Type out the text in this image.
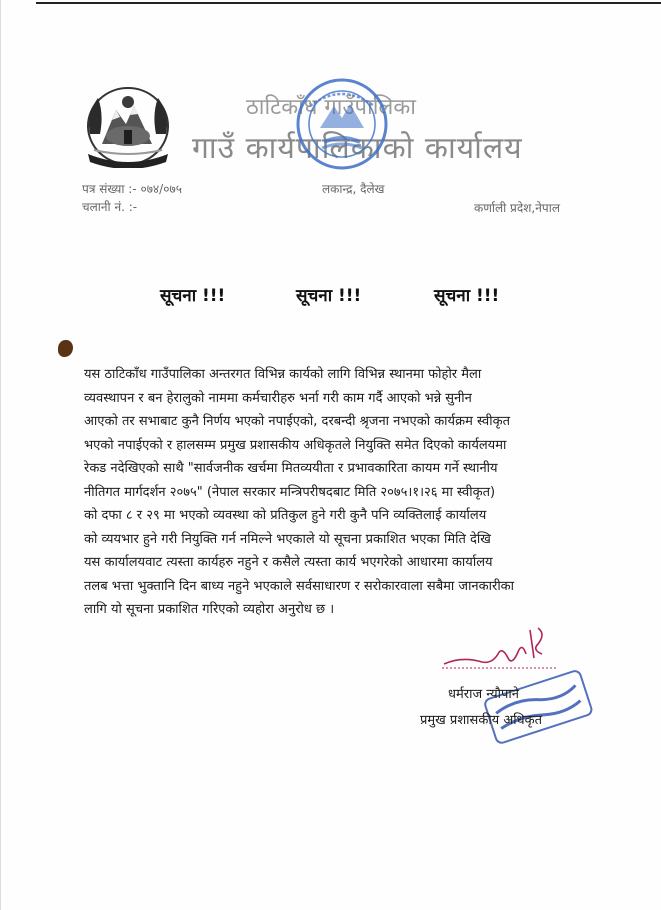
ठाटिकाँध गाउँपालिका
गाउँ कार्यपालिकाको कार्यालय
पत्र संख्या :- ०७४/०७५
चलानी नं. :-
लकान्द्र, दैलेख
कर्णाली प्रदेश,नेपाल
सूचना !!!	सूचना !!!	सूचना !!!
यस ठाटिकाँध गाउँपालिका अन्तरगत विभिन्न कार्यको लागि विभिन्न स्थानमा फोहोर मैला
व्यवस्थापन र बन हेरालुको नाममा कर्मचारीहरु भर्ना गरी काम गर्दै आएको भन्ने सुनीन
आएको तर सभाबाट कुनै निर्णय भएको नपाईएको, दरबन्दी श्रृजना नभएको कार्यक्रम स्वीकृत
भएको नपाईएको र हालसम्म प्रमुख प्रशासकीय अधिकृतले नियुक्ति समेत दिएको कार्यलयमा
रेकड नदेखिएको साथै "सार्वजनीक खर्चमा मितव्ययीता र प्रभावकारिता कायम गर्ने स्थानीय
नीतिगत मार्गदर्शन २०७५" (नेपाल सरकार मन्त्रिपरीषदबाट मिति २०७५।१।२६ मा स्वीकृत)
को दफा ८ र २९ मा भएको व्यवस्था को प्रतिकुल हुने गरी कुनै पनि व्यक्तिलाई कार्यालय
को व्ययभार हुने गरी नियुक्ति गर्न नमिल्ने भएकाले यो सूचना प्रकाशित भएका मिति देखि
यस कार्यालयवाट त्यस्ता कार्यहरु नहुने र कसैले त्यस्ता कार्य भएगरेको आधारमा कार्यालय
तलब भत्ता भुक्तानि दिन बाध्य नहुने भएकाले सर्वसाधारण र सरोकारवाला सबैमा जानकारीका
लागि यो सूचना प्रकाशित गरिएको व्यहोरा अनुरोध छ ।
धर्मराज न्यौपाने
प्रमुख प्रशासकीय अधिकृत
